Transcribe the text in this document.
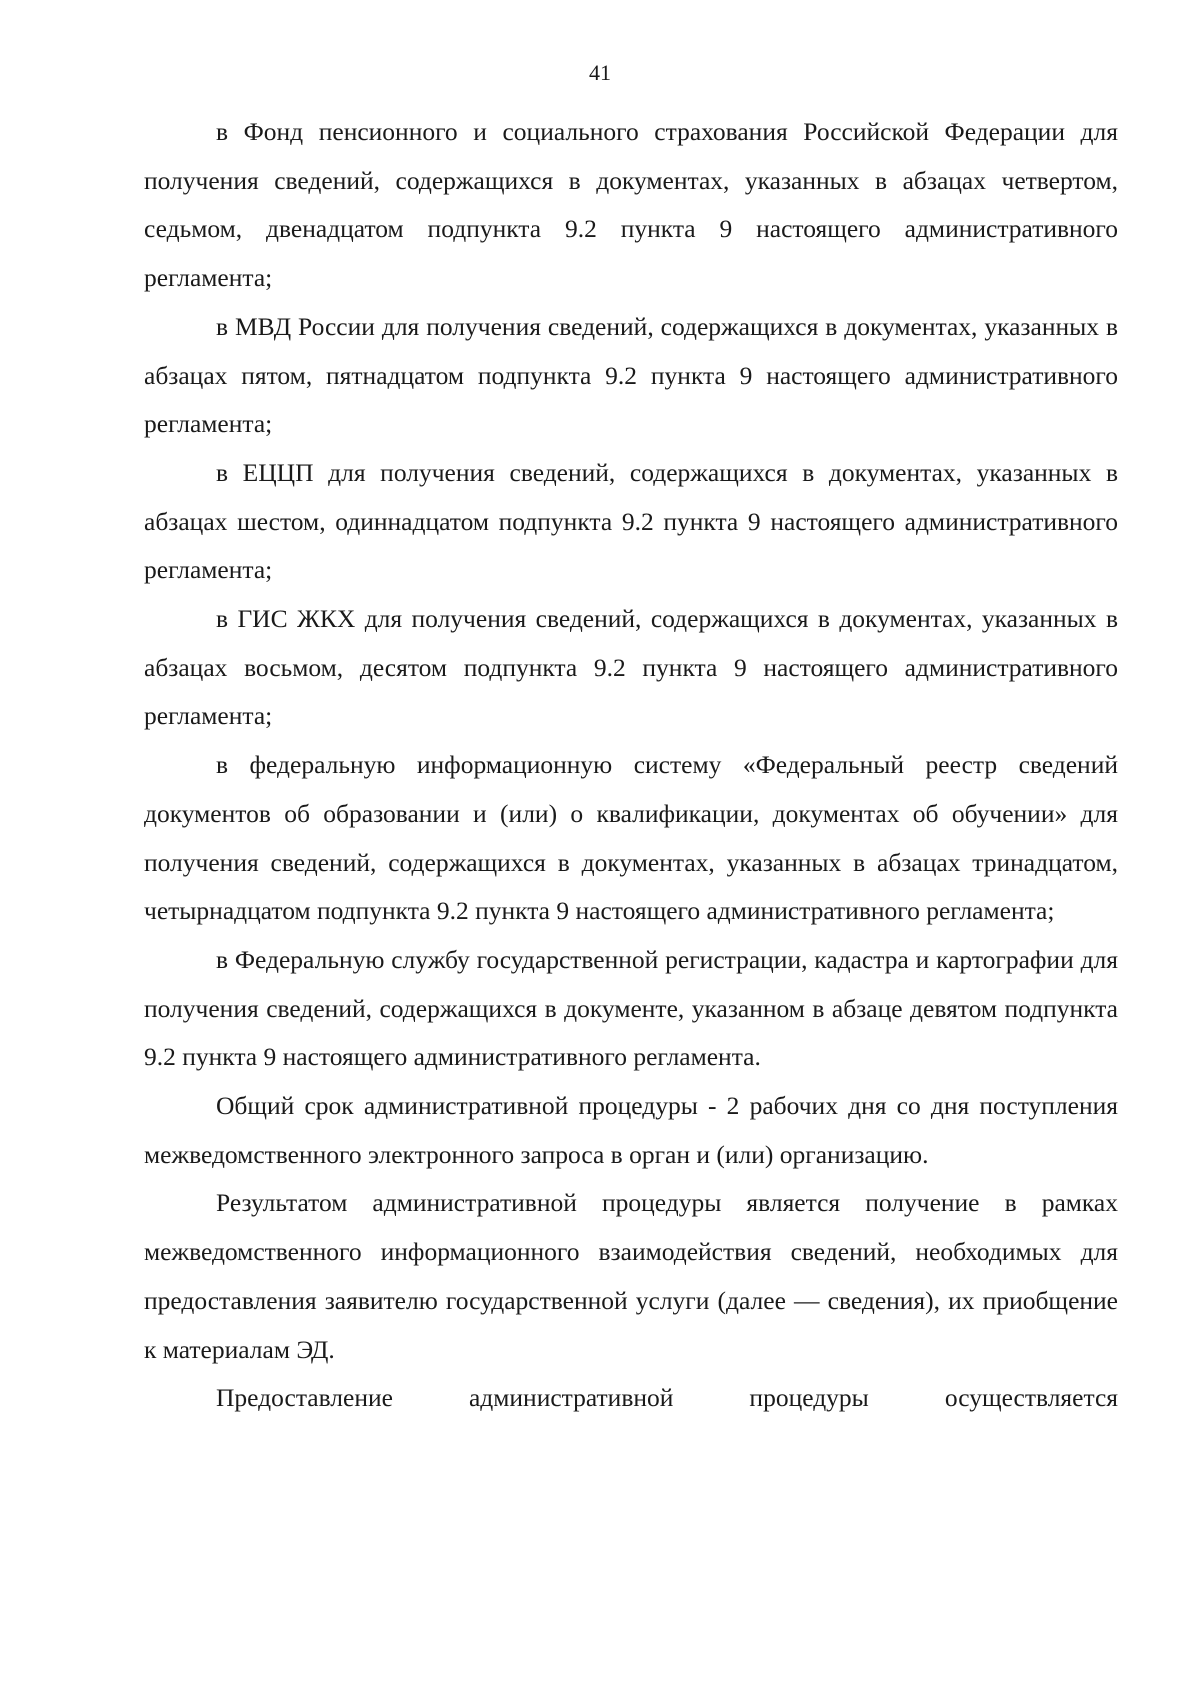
41

в Фонд пенсионного и социального страхования Российской Федерации для получения сведений, содержащихся в документах, указанных в абзацах четвертом, седьмом, двенадцатом подпункта 9.2 пункта 9 настоящего административного регламента;

в МВД России для получения сведений, содержащихся в документах, указанных в абзацах пятом, пятнадцатом подпункта 9.2 пункта 9 настоящего административного регламента;

в ЕЦЦП для получения сведений, содержащихся в документах, указанных в абзацах шестом, одиннадцатом подпункта 9.2 пункта 9 настоящего административного регламента;

в ГИС ЖКХ для получения сведений, содержащихся в документах, указанных в абзацах восьмом, десятом подпункта 9.2 пункта 9 настоящего административного регламента;

в федеральную информационную систему «Федеральный реестр сведений документов об образовании и (или) о квалификации, документах об обучении» для получения сведений, содержащихся в документах, указанных в абзацах тринадцатом, четырнадцатом подпункта 9.2 пункта 9 настоящего административного регламента;

в Федеральную службу государственной регистрации, кадастра и картографии для получения сведений, содержащихся в документе, указанном в абзаце девятом подпункта 9.2 пункта 9 настоящего административного регламента.

Общий срок административной процедуры - 2 рабочих дня со дня поступления межведомственного электронного запроса в орган и (или) организацию.

Результатом административной процедуры является получение в рамках межведомственного информационного взаимодействия сведений, необходимых для предоставления заявителю государственной услуги (далее — сведения), их приобщение к материалам ЭД.

Предоставление административной процедуры осуществляется
